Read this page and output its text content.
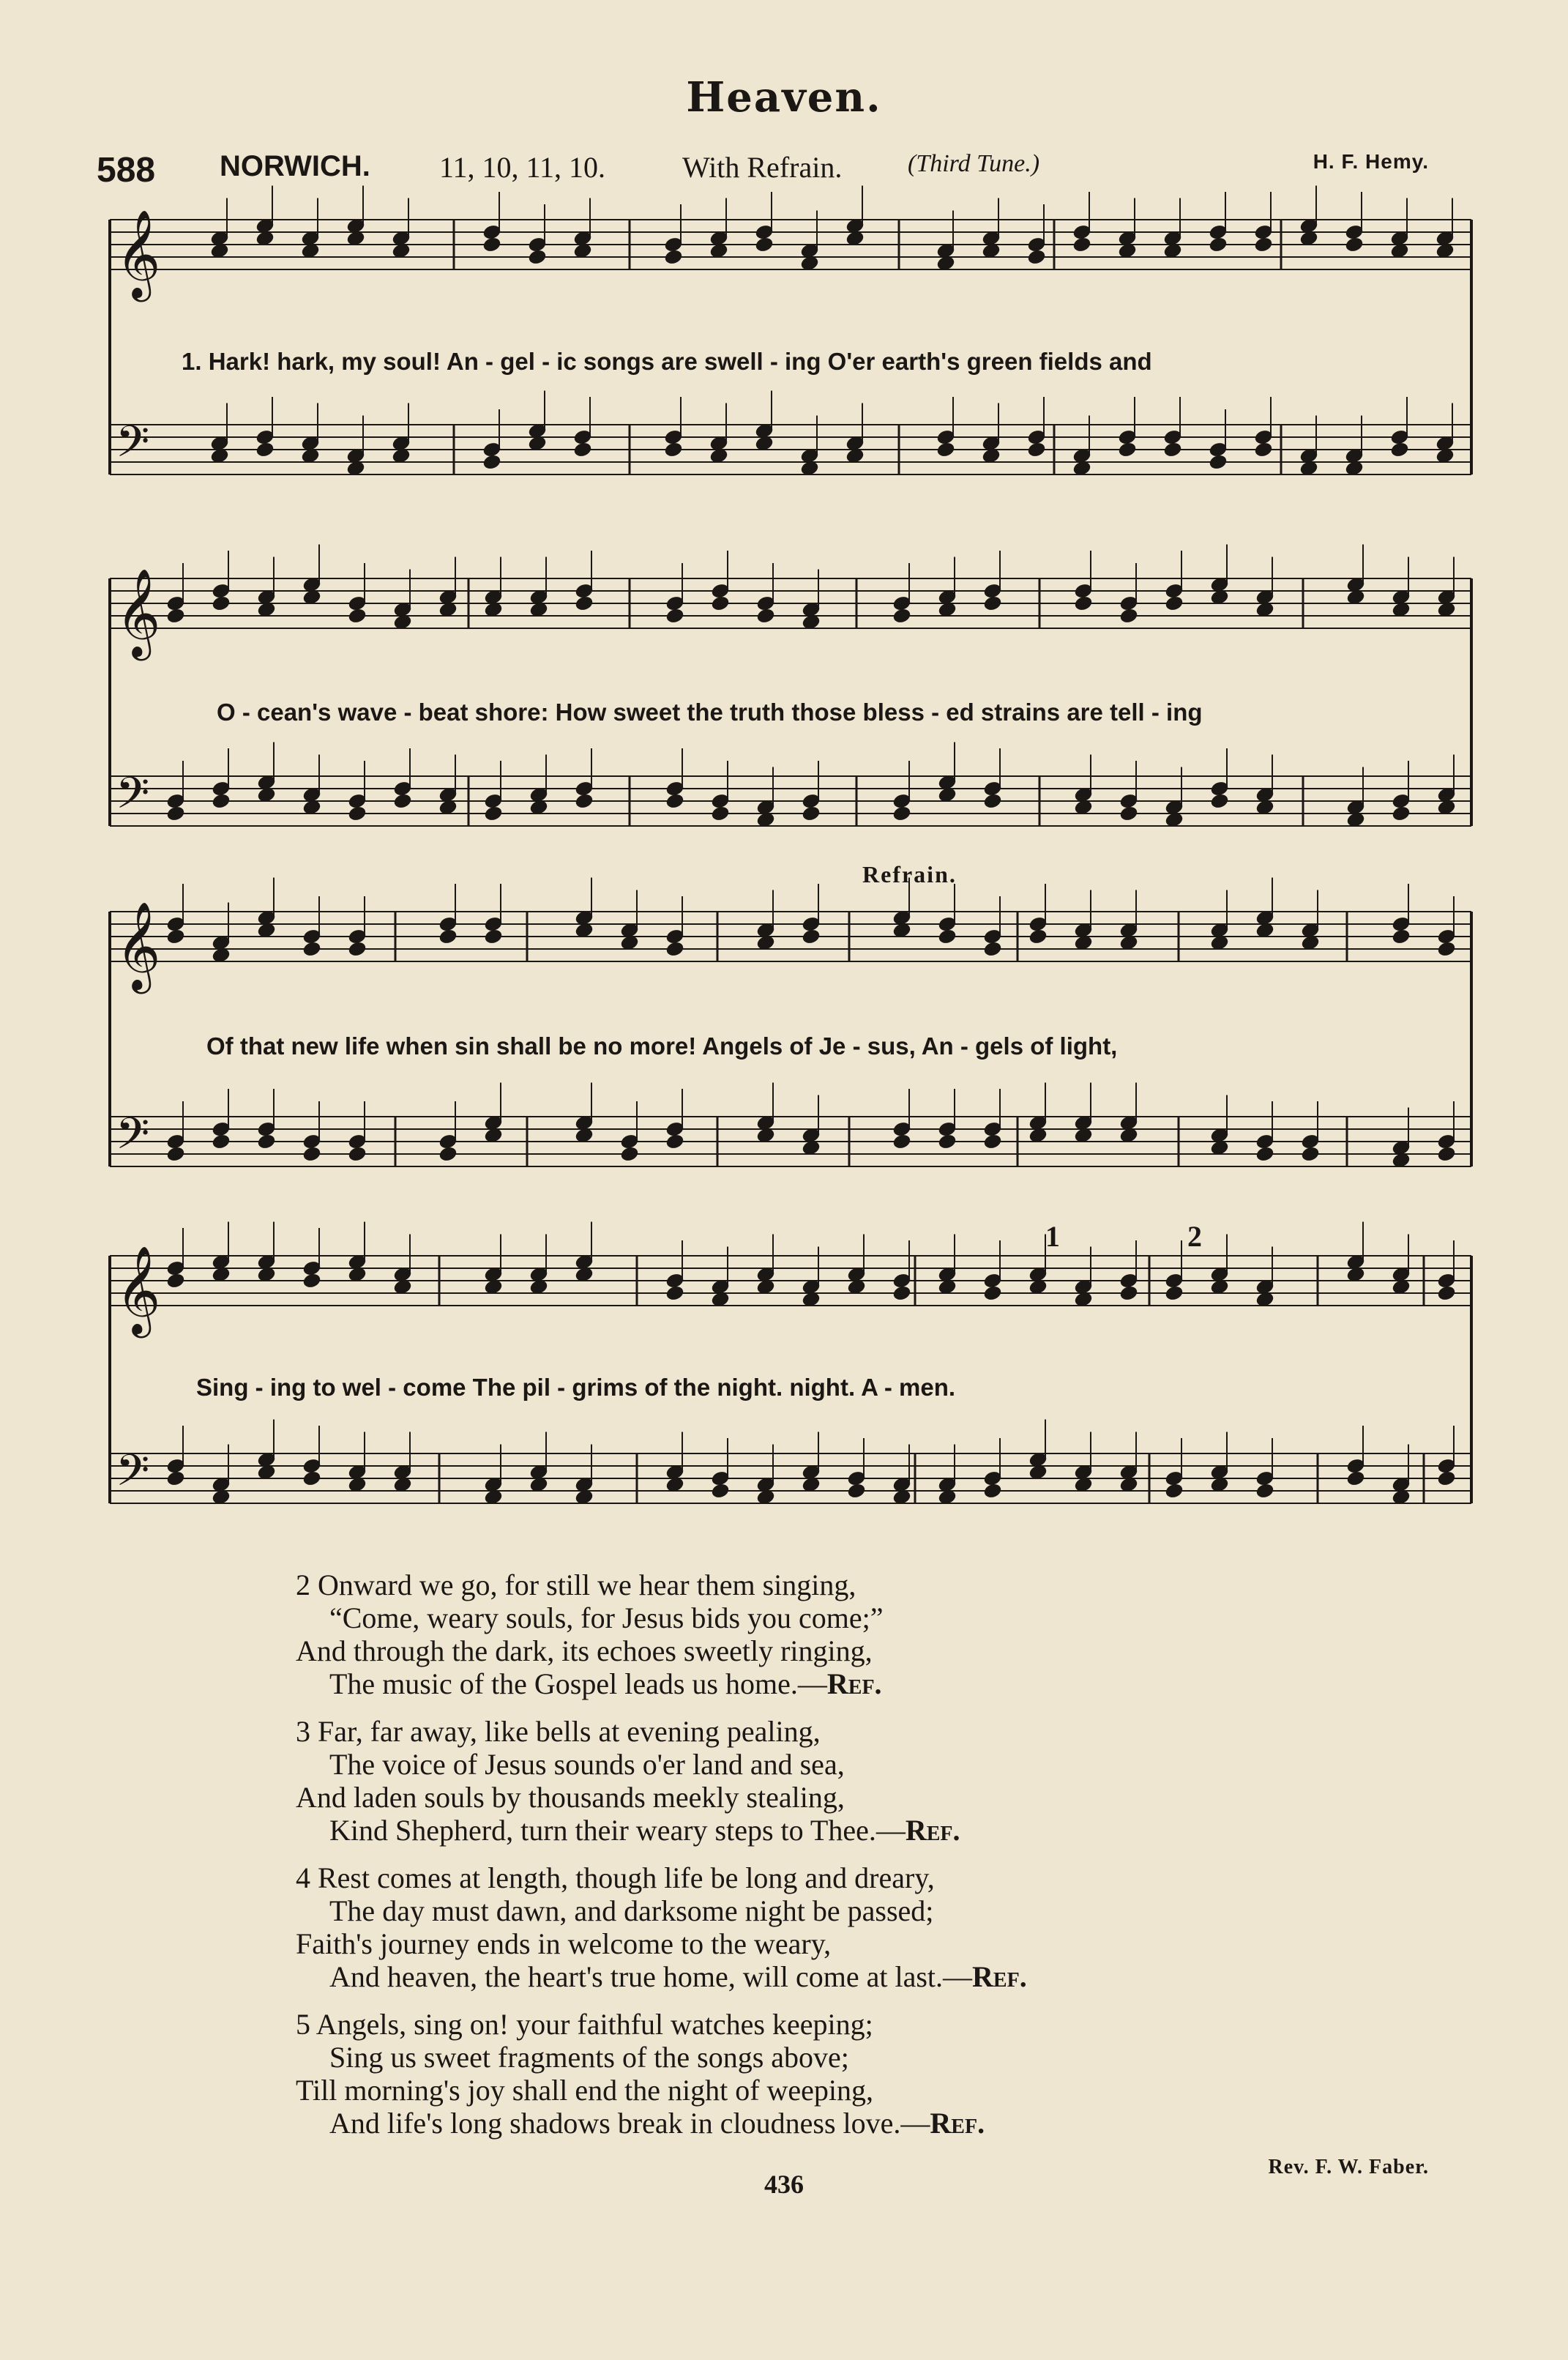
Heaven.
588 NORWICH. 11, 10, 11, 10.	With Refrain.	(Third Tune.)	H. F. Hemy.
𝄞
𝄢
𝄞
𝄢
𝄞
𝄢
𝄞
𝄢
1	2
1. Hark! hark, my soul! An - gel - ic songs are swell - ing O'er earth's green fields and
O - cean's wave - beat shore: How sweet the truth those bless - ed strains are tell - ing
Refrain.
Of that new life when sin shall be no more! Angels of Je - sus, An - gels of light,
Sing - ing to wel - come The pil - grims of the night. night. A - men.
2 Onward we go, for still we hear them singing,
“Come, weary souls, for Jesus bids you come;”
And through the dark, its echoes sweetly ringing,
The music of the Gospel leads us home.—Ref.
3 Far, far away, like bells at evening pealing,
The voice of Jesus sounds o'er land and sea,
And laden souls by thousands meekly stealing,
Kind Shepherd, turn their weary steps to Thee.—Ref.
4 Rest comes at length, though life be long and dreary,
The day must dawn, and darksome night be passed;
Faith's journey ends in welcome to the weary,
And heaven, the heart's true home, will come at last.—Ref.
5 Angels, sing on! your faithful watches keeping;
Sing us sweet fragments of the songs above;
Till morning's joy shall end the night of weeping,
And life's long shadows break in cloudness love.—Ref.
Rev. F. W. Faber.
436
